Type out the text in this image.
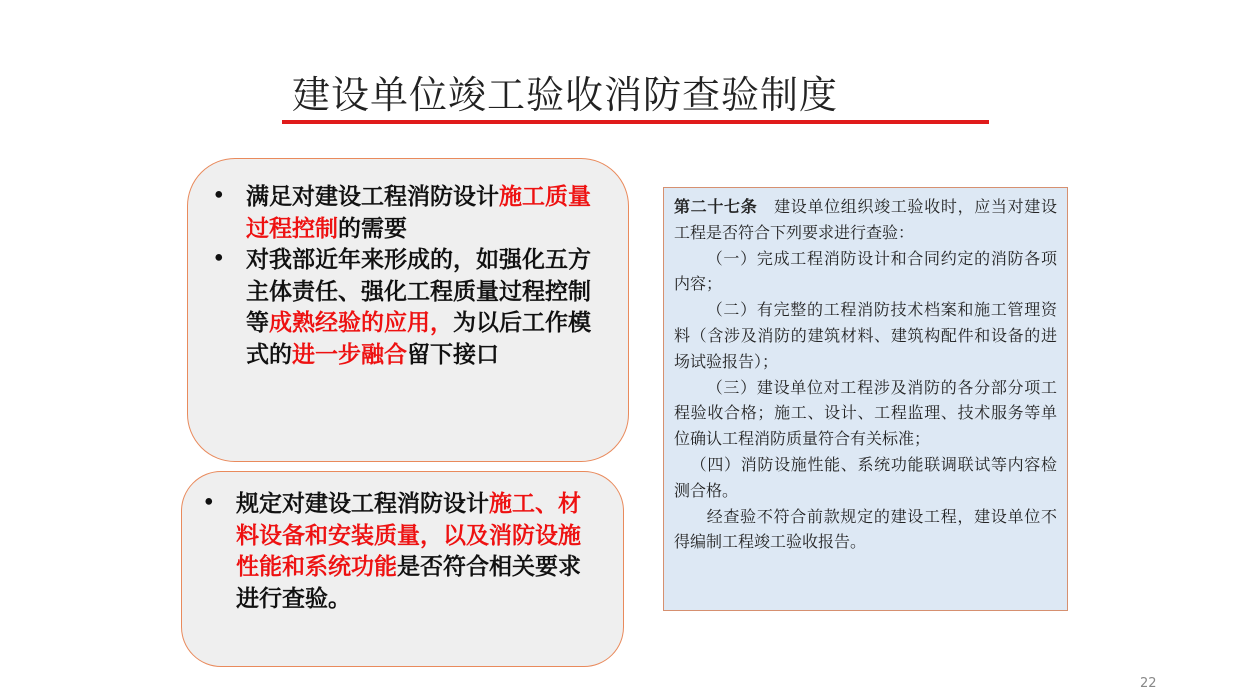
建设单位竣工验收消防查验制度
• 满足对建设工程消防设计施工质量过程控制的需要
• 对我部近年来形成的，如强化五方主体责任、强化工程质量过程控制等成熟经验的应用，为以后工作模式的进一步融合留下接口
• 规定对建设工程消防设计施工、材料设备和安装质量，以及消防设施性能和系统功能是否符合相关要求进行查验。

第二十七条  建设单位组织竣工验收时，应当对建设工程是否符合下列要求进行查验：

  （一）完成工程消防设计和合同约定的消防各项内容；

  （二）有完整的工程消防技术档案和施工管理资料（含涉及消防的建筑材料、建筑构配件和设备的进场试验报告）；

  （三）建设单位对工程涉及消防的各分部分项工程验收合格；施工、设计、工程监理、技术服务等单位确认工程消防质量符合有关标准；

 （四）消防设施性能、系统功能联调联试等内容检测合格。

  经查验不符合前款规定的建设工程，建设单位不得编制工程竣工验收报告。

22
